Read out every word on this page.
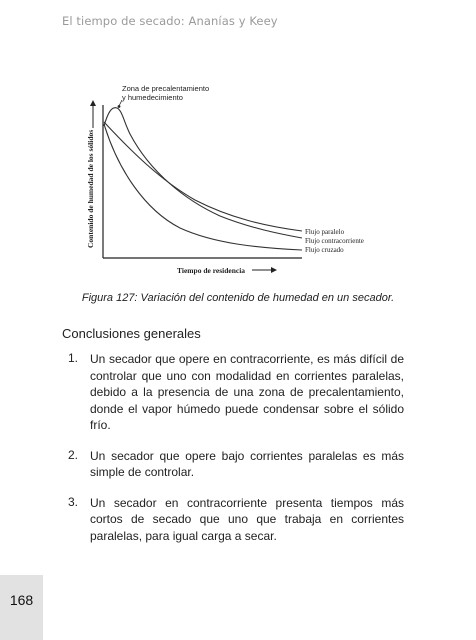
El tiempo de secado: Ananías y Keey
Zona de precalentamiento
y humedecimiento
Contenido de humedad de los sólidos	Flujo paralelo
Flujo contracorriente
Flujo cruzado
Tiempo de residencia
Figura 127: Variación del contenido de humedad en un secador.
Conclusiones generales
1. Un secador que opere en contracorriente, es más difícil de controlar que uno con modalidad en corrientes paralelas, debido a la presencia de una zona de precalentamiento, donde el vapor húmedo puede condensar sobre el sólido frío.
2. Un secador que opere bajo corrientes paralelas es más simple de controlar.
3. Un secador en contracorriente presenta tiempos más cortos de secado que uno que trabaja en corrientes paralelas, para igual carga a secar.
168
